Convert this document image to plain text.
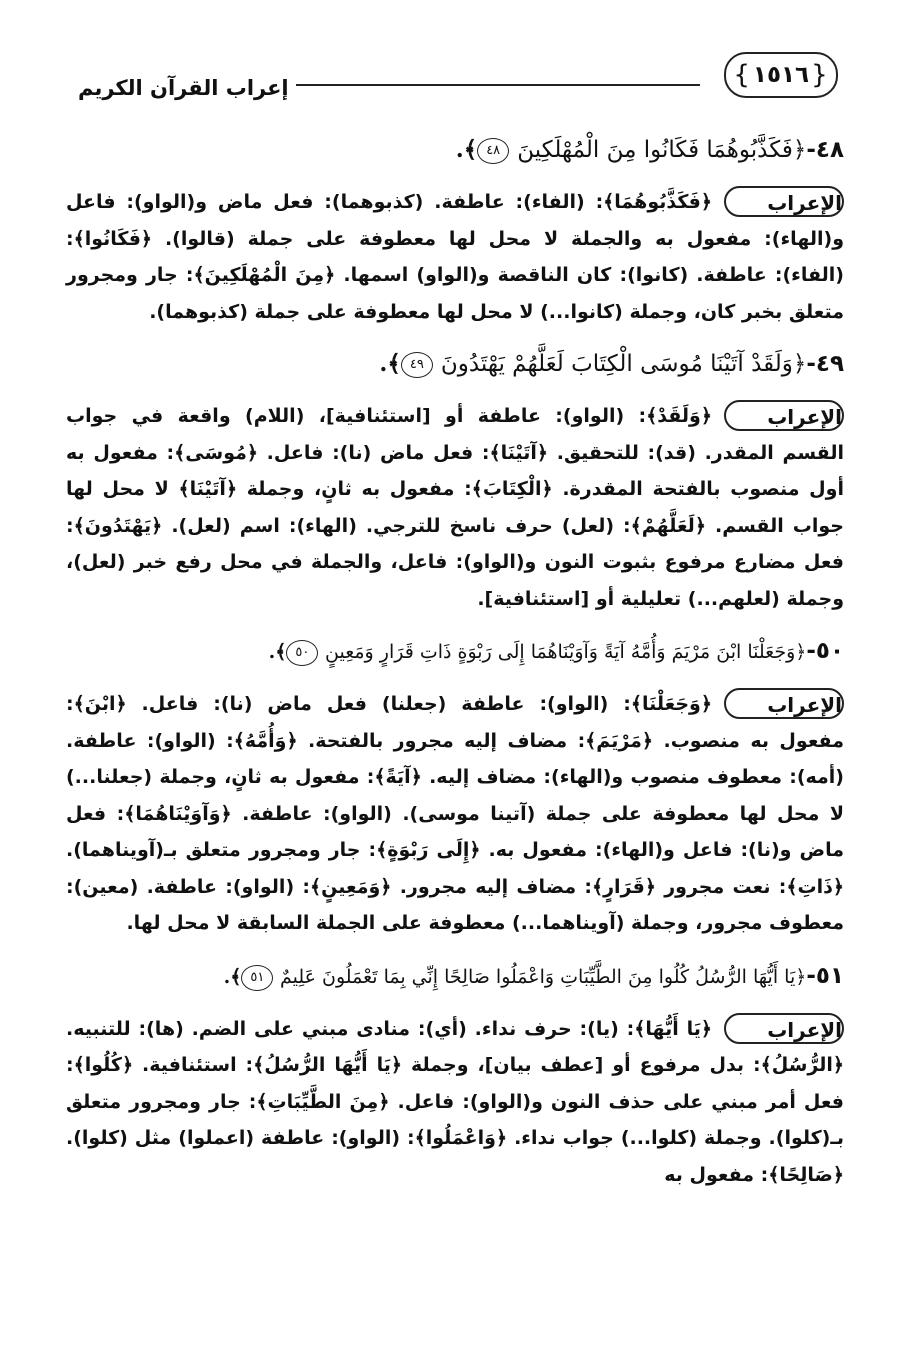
إعراب القرآن الكريم	{ ١٥١٦ }
٤٨-﴿فَكَذَّبُوهُمَا فَكَانُوا مِنَ الْمُهْلَكِينَ ٤٨﴾.
الإعراب
﴿فَكَذَّبُوهُمَا﴾: (الفاء): عاطفة. (كذبوهما): فعل ماض و(الواو): فاعل و(الهاء): مفعول به والجملة لا محل لها معطوفة على جملة (قالوا). ﴿فَكَانُوا﴾: (الفاء): عاطفة. (كانوا): كان الناقصة و(الواو) اسمها. ﴿مِنَ الْمُهْلَكِينَ﴾: جار ومجرور متعلق بخبر كان، وجملة (كانوا...) لا محل لها معطوفة على جملة (كذبوهما).
٤٩-﴿وَلَقَدْ آتَيْنَا مُوسَى الْكِتَابَ لَعَلَّهُمْ يَهْتَدُونَ ٤٩﴾.
الإعراب
﴿وَلَقَدْ﴾: (الواو): عاطفة أو [استئنافية]، (اللام) واقعة في جواب القسم المقدر. (قد): للتحقيق. ﴿آتَيْنَا﴾: فعل ماض (نا): فاعل. ﴿مُوسَى﴾: مفعول به أول منصوب بالفتحة المقدرة. ﴿الْكِتَابَ﴾: مفعول به ثانٍ، وجملة ﴿آتَيْنَا﴾ لا محل لها جواب القسم. ﴿لَعَلَّهُمْ﴾: (لعل) حرف ناسخ للترجي. (الهاء): اسم (لعل). ﴿يَهْتَدُونَ﴾: فعل مضارع مرفوع بثبوت النون و(الواو): فاعل، والجملة في محل رفع خبر (لعل)، وجملة (لعلهم...) تعليلية أو [استئنافية].
٥٠-﴿وَجَعَلْنَا ابْنَ مَرْيَمَ وَأُمَّهُ آيَةً وَآوَيْنَاهُمَا إِلَى رَبْوَةٍ ذَاتِ قَرَارٍ وَمَعِينٍ ٥٠﴾.
الإعراب
﴿وَجَعَلْنَا﴾: (الواو): عاطفة (جعلنا) فعل ماض (نا): فاعل. ﴿ابْنَ﴾: مفعول به منصوب. ﴿مَرْيَمَ﴾: مضاف إليه مجرور بالفتحة. ﴿وَأُمَّهُ﴾: (الواو): عاطفة. (أمه): معطوف منصوب و(الهاء): مضاف إليه. ﴿آيَةً﴾: مفعول به ثانٍ، وجملة (جعلنا...) لا محل لها معطوفة على جملة (آتينا موسى). (الواو): عاطفة. ﴿وَآوَيْنَاهُمَا﴾: فعل ماض و(نا): فاعل و(الهاء): مفعول به. ﴿إِلَى رَبْوَةٍ﴾: جار ومجرور متعلق بـ(آويناهما). ﴿ذَاتِ﴾: نعت مجرور ﴿قَرَارٍ﴾: مضاف إليه مجرور. ﴿وَمَعِينٍ﴾: (الواو): عاطفة. (معين): معطوف مجرور، وجملة (آويناهما...) معطوفة على الجملة السابقة لا محل لها.
٥١-﴿يَا أَيُّهَا الرُّسُلُ كُلُوا مِنَ الطَّيِّبَاتِ وَاعْمَلُوا صَالِحًا إِنِّي بِمَا تَعْمَلُونَ عَلِيمٌ ٥١﴾.
الإعراب
﴿يَا أَيُّهَا﴾: (يا): حرف نداء. (أي): منادى مبني على الضم. (ها): للتنبيه. ﴿الرُّسُلُ﴾: بدل مرفوع أو [عطف بيان]، وجملة ﴿يَا أَيُّهَا الرُّسُلُ﴾: استئنافية. ﴿كُلُوا﴾: فعل أمر مبني على حذف النون و(الواو): فاعل. ﴿مِنَ الطَّيِّبَاتِ﴾: جار ومجرور متعلق بـ(كلوا). وجملة (كلوا...) جواب نداء. ﴿وَاعْمَلُوا﴾: (الواو): عاطفة (اعملوا) مثل (كلوا). ﴿صَالِحًا﴾: مفعول به
